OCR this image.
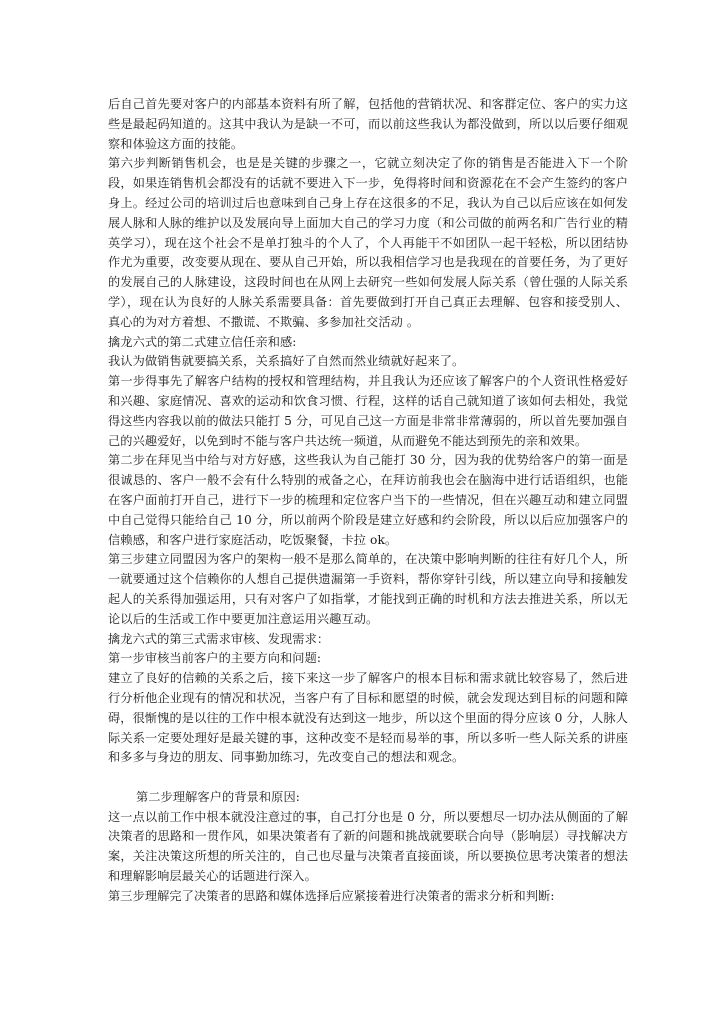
后自己首先要对客户的内部基本资料有所了解，包括他的营销状况、和客群定位、客户的实力这些是最起码知道的。这其中我认为是缺一不可，而以前这些我认为都没做到，所以以后要仔细观察和体验这方面的技能。

第六步判断销售机会，也是是关键的步骤之一，它就立刻决定了你的销售是否能进入下一个阶段，如果连销售机会都没有的话就不要进入下一步，免得将时间和资源花在不会产生签约的客户身上。经过公司的培训过后也意味到自己身上存在这很多的不足，我认为自己以后应该在如何发展人脉和人脉的维护以及发展向导上面加大自己的学习力度（和公司做的前两名和广告行业的精英学习），现在这个社会不是单打独斗的个人了，个人再能干不如团队一起干轻松，所以团结协作尤为重要，改变要从现在、要从自己开始，所以我相信学习也是我现在的首要任务，为了更好的发展自己的人脉建设，这段时间也在从网上去研究一些如何发展人际关系（曾仕强的人际关系学），现在认为良好的人脉关系需要具备：首先要做到打开自己真正去理解、包容和接受别人、真心的为对方着想、不撒谎、不欺骗、多参加社交活动 。

擒龙六式的第二式建立信任亲和感:

我认为做销售就要搞关系，关系搞好了自然而然业绩就好起来了。

第一步得事先了解客户结构的授权和管理结构，并且我认为还应该了解客户的个人资讯性格爱好和兴趣、家庭情况、喜欢的运动和饮食习惯、行程，这样的话自己就知道了该如何去相处，我觉得这些内容我以前的做法只能打 5 分，可见自己这一方面是非常非常薄弱的，所以首先要加强自己的兴趣爱好，以免到时不能与客户共达统一频道，从而避免不能达到预先的亲和效果。

第二步在拜见当中给与对方好感，这些我认为自己能打 30 分，因为我的优势给客户的第一面是很诚恳的、客户一般不会有什么特别的戒备之心，在拜访前我也会在脑海中进行话语组织，也能在客户面前打开自己，进行下一步的梳理和定位客户当下的一些情况，但在兴趣互动和建立同盟中自己觉得只能给自己 10 分，所以前两个阶段是建立好感和约会阶段，所以以后应加强客户的信赖感，和客户进行家庭活动，吃饭聚餐，卡拉 ok。

第三步建立同盟因为客户的架构一般不是那么简单的，在决策中影响判断的往往有好几个人，所一就要通过这个信赖你的人想自己提供遗漏第一手资料，帮你穿针引线，所以建立向导和接触发起人的关系得加强运用，只有对客户了如指掌，才能找到正确的时机和方法去推进关系，所以无论以后的生活或工作中要更加注意运用兴趣互动。

擒龙六式的第三式需求审核、发现需求：

第一步审核当前客户的主要方向和问题:

建立了良好的信赖的关系之后，接下来这一步了解客户的根本目标和需求就比较容易了，然后进行分析他企业现有的情况和状况，当客户有了目标和愿望的时候，就会发现达到目标的问题和障碍，很惭愧的是以往的工作中根本就没有达到这一地步，所以这个里面的得分应该 0 分，人脉人际关系一定要处理好是最关键的事，这种改变不是轻而易举的事，所以多听一些人际关系的讲座和多多与身边的朋友、同事勤加练习，先改变自己的想法和观念。

第二步理解客户的背景和原因:

这一点以前工作中根本就没注意过的事，自己打分也是 0 分，所以要想尽一切办法从侧面的了解决策者的思路和一贯作风，如果决策者有了新的问题和挑战就要联合向导（影响层）寻找解决方案，关注决策这所想的所关注的，自己也尽量与决策者直接面谈，所以要换位思考决策者的想法和理解影响层最关心的话题进行深入。

第三步理解完了决策者的思路和媒体选择后应紧接着进行决策者的需求分析和判断:
